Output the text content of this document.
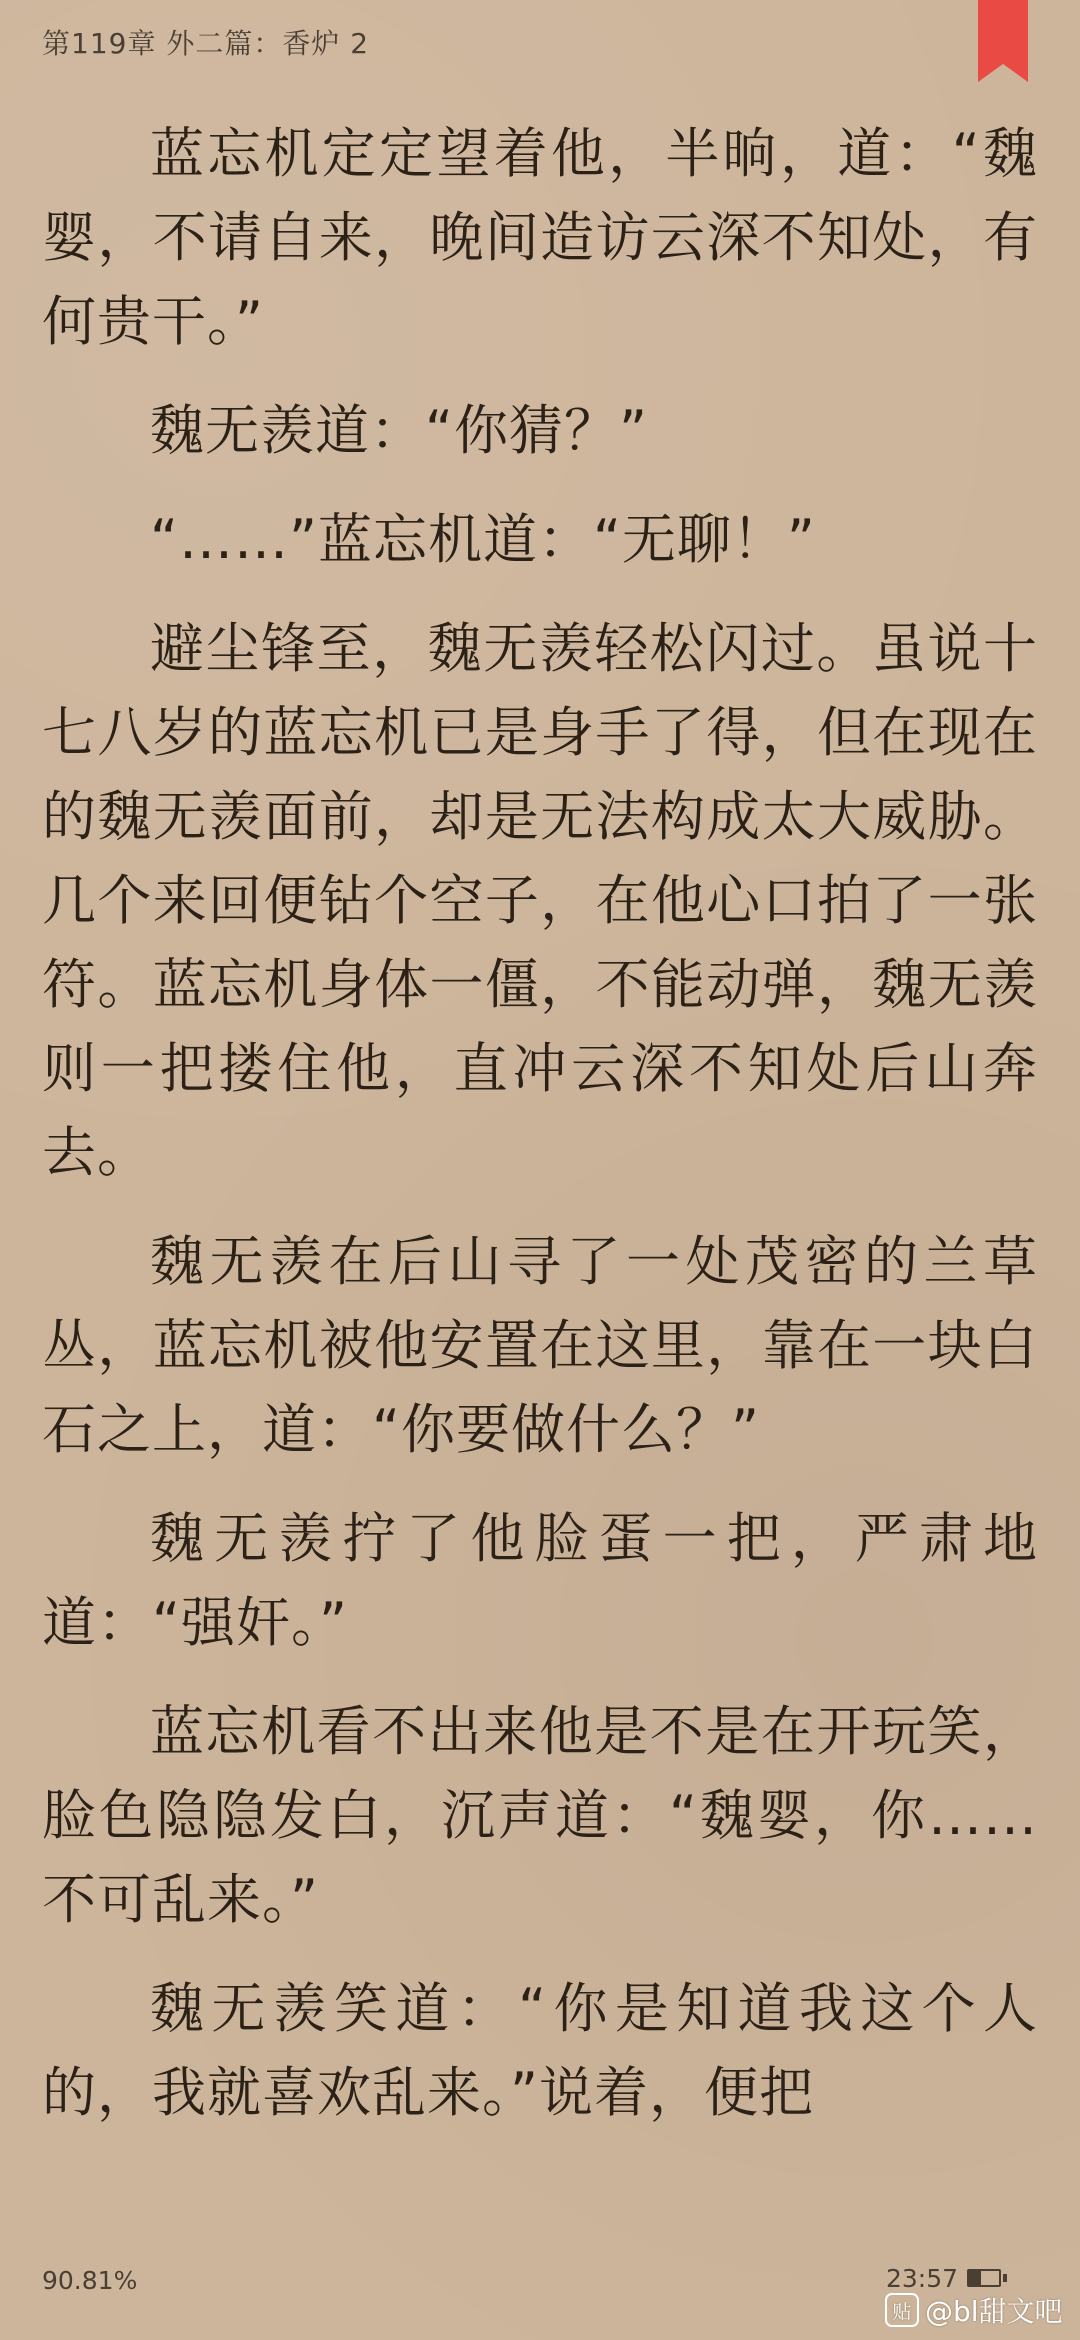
第119章 外二篇：香炉 2

蓝忘机定定望着他，半晌，道：“魏婴，不请自来，晚间造访云深不知处，有何贵干。”

魏无羡道：“你猜？”

“……”蓝忘机道：“无聊！”

避尘锋至，魏无羡轻松闪过。虽说十七八岁的蓝忘机已是身手了得，但在现在的魏无羡面前，却是无法构成太大威胁。几个来回便钻个空子，在他心口拍了一张符。蓝忘机身体一僵，不能动弹，魏无羡则一把搂住他，直冲云深不知处后山奔去。

魏无羡在后山寻了一处茂密的兰草丛，蓝忘机被他安置在这里，靠在一块白石之上，道：“你要做什么？”

魏无羡拧了他脸蛋一把，严肃地道：“强奸。”

蓝忘机看不出来他是不是在开玩笑，脸色隐隐发白，沉声道：“魏婴，你……不可乱来。”

魏无羡笑道：“你是知道我这个人的，我就喜欢乱来。”说着，便把

90.81%	23:57
贴 @bl甜文吧
